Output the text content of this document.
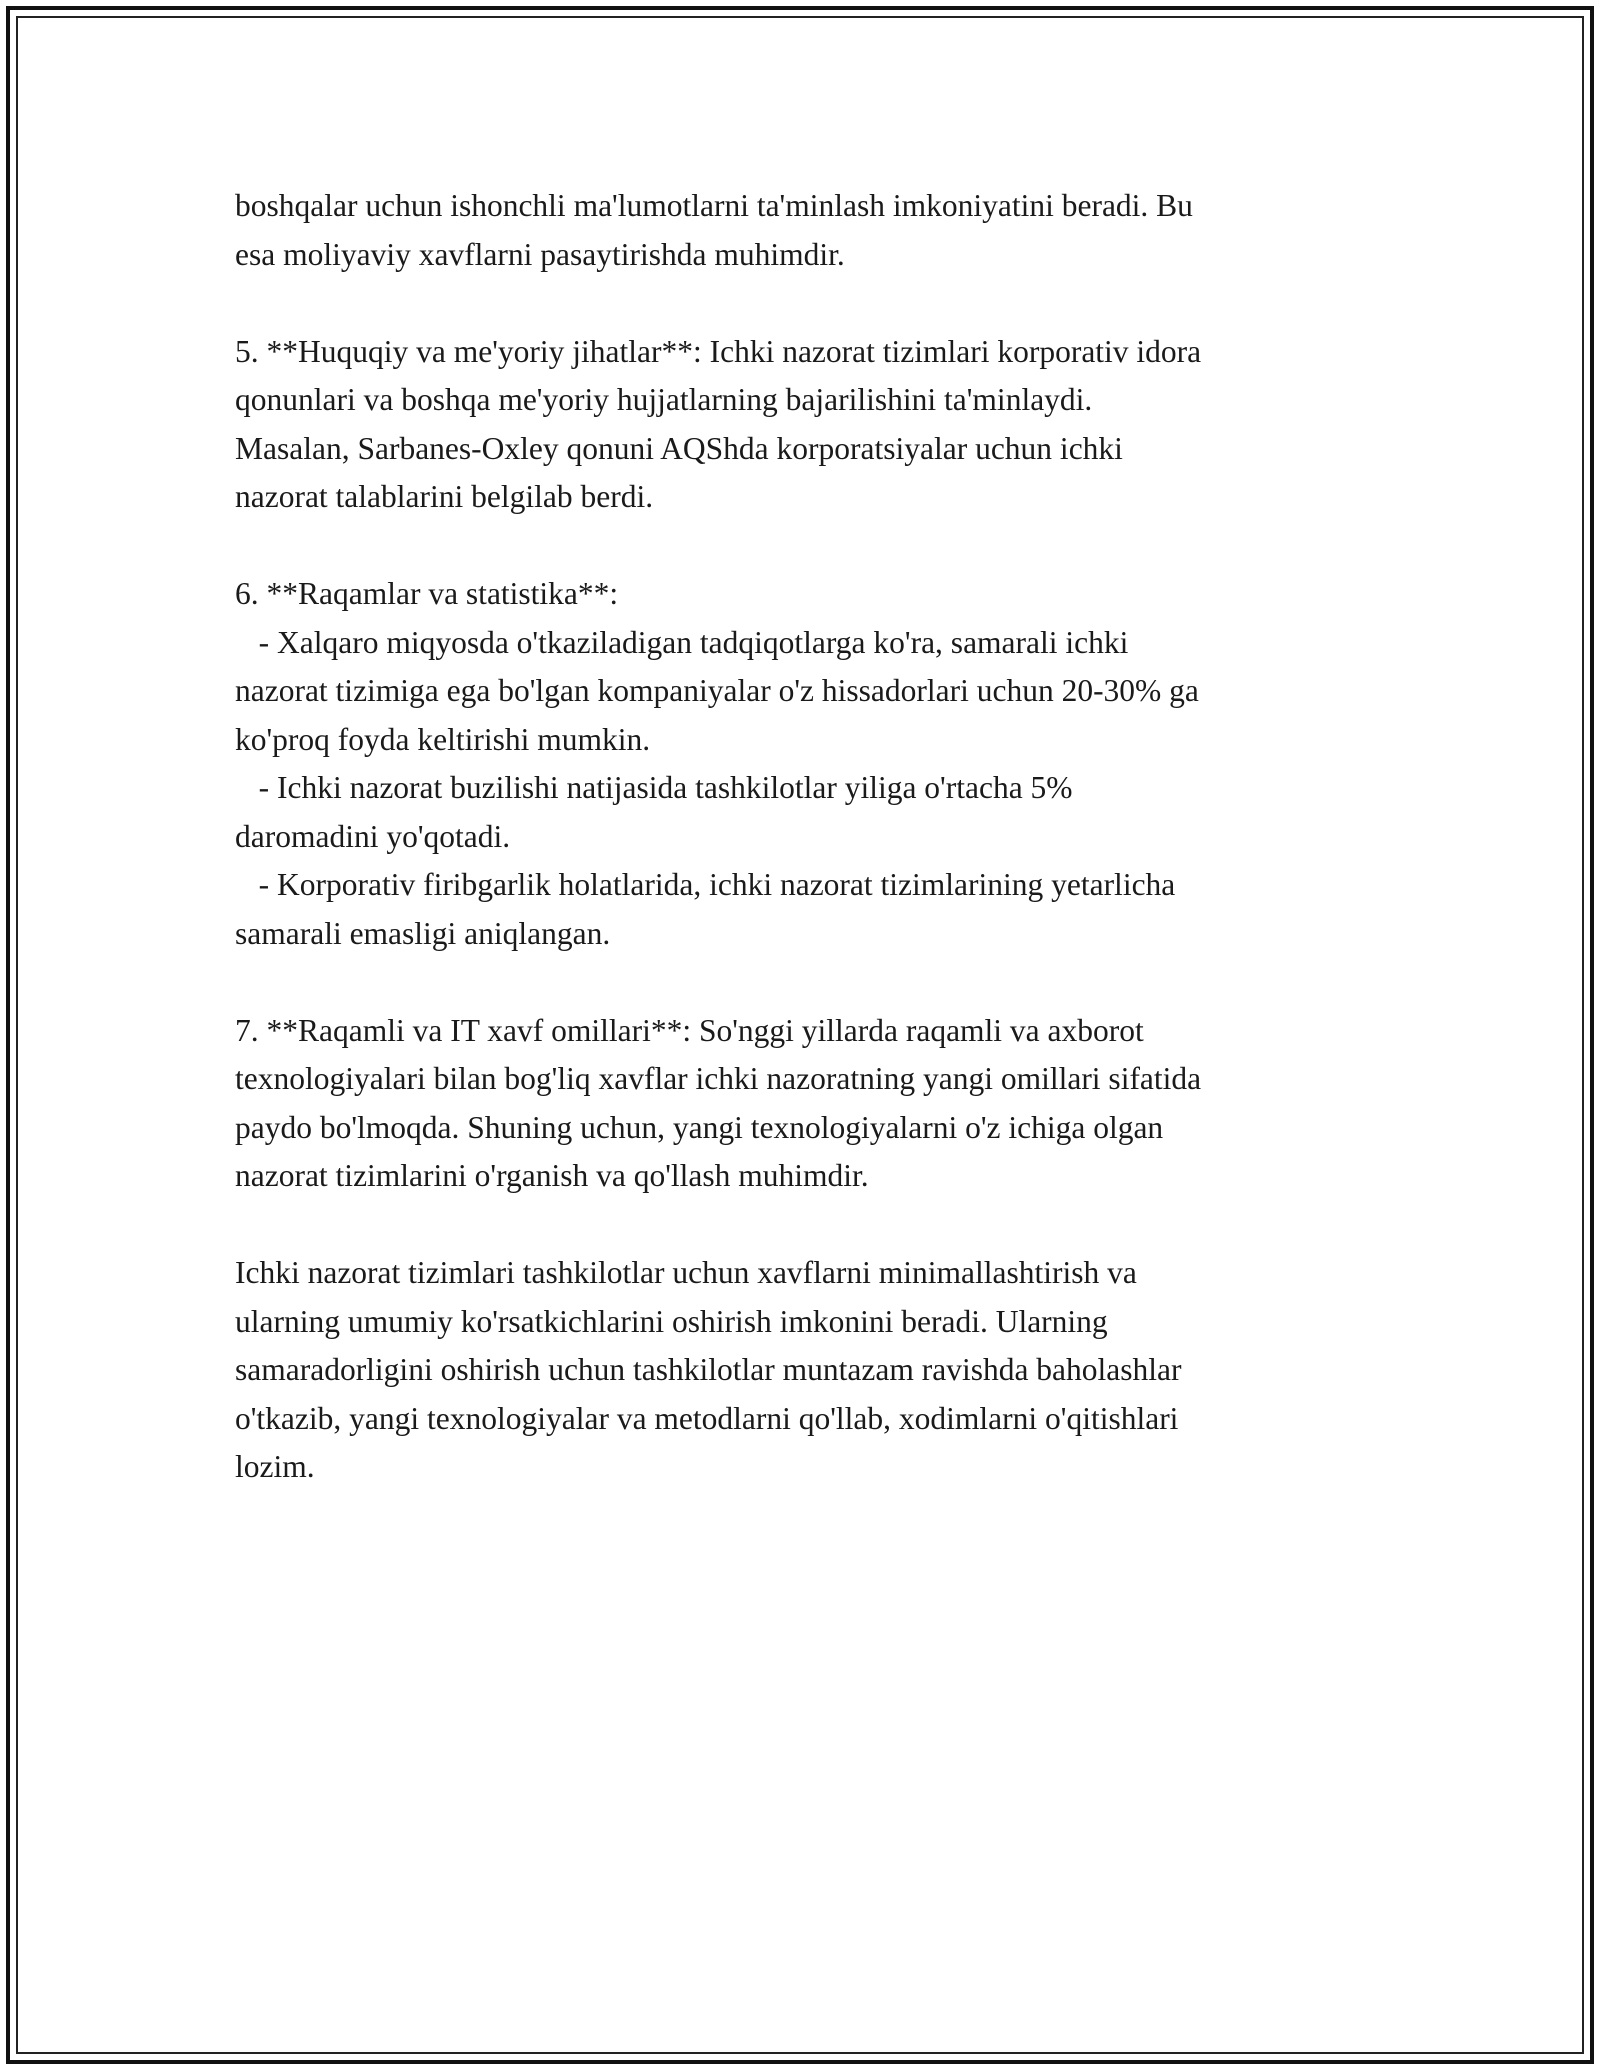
boshqalar uchun ishonchli ma'lumotlarni ta'minlash imkoniyatini beradi. Bu
esa moliyaviy xavflarni pasaytirishda muhimdir.
5. **Huquqiy va me'yoriy jihatlar**: Ichki nazorat tizimlari korporativ idora
qonunlari va boshqa me'yoriy hujjatlarning bajarilishini ta'minlaydi.
Masalan, Sarbanes-Oxley qonuni AQShda korporatsiyalar uchun ichki
nazorat talablarini belgilab berdi.
6. **Raqamlar va statistika**:
- Xalqaro miqyosda o'tkaziladigan tadqiqotlarga ko'ra, samarali ichki
nazorat tizimiga ega bo'lgan kompaniyalar o'z hissadorlari uchun 20-30% ga
ko'proq foyda keltirishi mumkin.
- Ichki nazorat buzilishi natijasida tashkilotlar yiliga o'rtacha 5%
daromadini yo'qotadi.
- Korporativ firibgarlik holatlarida, ichki nazorat tizimlarining yetarlicha
samarali emasligi aniqlangan.
7. **Raqamli va IT xavf omillari**: So'nggi yillarda raqamli va axborot
texnologiyalari bilan bog'liq xavflar ichki nazoratning yangi omillari sifatida
paydo bo'lmoqda. Shuning uchun, yangi texnologiyalarni o'z ichiga olgan
nazorat tizimlarini o'rganish va qo'llash muhimdir.
Ichki nazorat tizimlari tashkilotlar uchun xavflarni minimallashtirish va
ularning umumiy ko'rsatkichlarini oshirish imkonini beradi. Ularning
samaradorligini oshirish uchun tashkilotlar muntazam ravishda baholashlar
o'tkazib, yangi texnologiyalar va metodlarni qo'llab, xodimlarni o'qitishlari
lozim.
